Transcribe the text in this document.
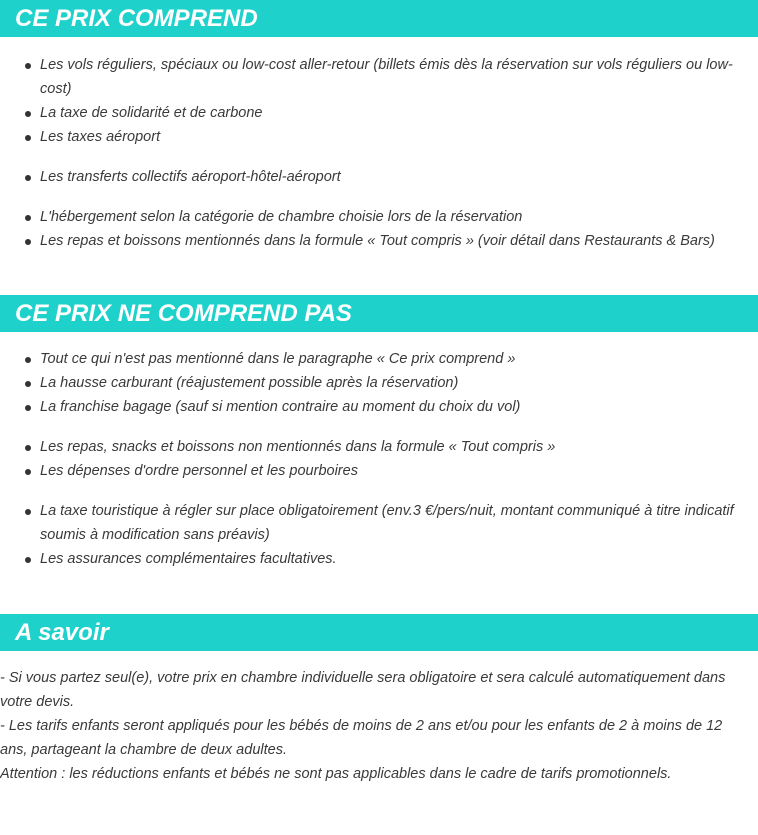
CE PRIX COMPREND
Les vols réguliers, spéciaux ou low-cost aller-retour (billets émis dès la réservation sur vols réguliers ou low-cost)
La taxe de solidarité et de carbone
Les taxes aéroport
Les transferts collectifs aéroport-hôtel-aéroport
L'hébergement selon la catégorie de chambre choisie lors de la réservation
Les repas et boissons mentionnés dans la formule « Tout compris » (voir détail dans Restaurants & Bars)
CE PRIX NE COMPREND PAS
Tout ce qui n'est pas mentionné dans le paragraphe « Ce prix comprend »
La hausse carburant (réajustement possible après la réservation)
La franchise bagage (sauf si mention contraire au moment du choix du vol)
Les repas, snacks et boissons non mentionnés dans la formule « Tout compris »
Les dépenses d'ordre personnel et les pourboires
La taxe touristique à régler sur place obligatoirement (env.3 €/pers/nuit, montant communiqué à titre indicatif soumis à modification sans préavis)
Les assurances complémentaires facultatives.
A savoir

- Si vous partez seul(e), votre prix en chambre individuelle sera obligatoire et sera calculé automatiquement dans votre devis.

- Les tarifs enfants seront appliqués pour les bébés de moins de 2 ans et/ou pour les enfants de 2 à moins de 12 ans, partageant la chambre de deux adultes.

Attention : les réductions enfants et bébés ne sont pas applicables dans le cadre de tarifs promotionnels.
